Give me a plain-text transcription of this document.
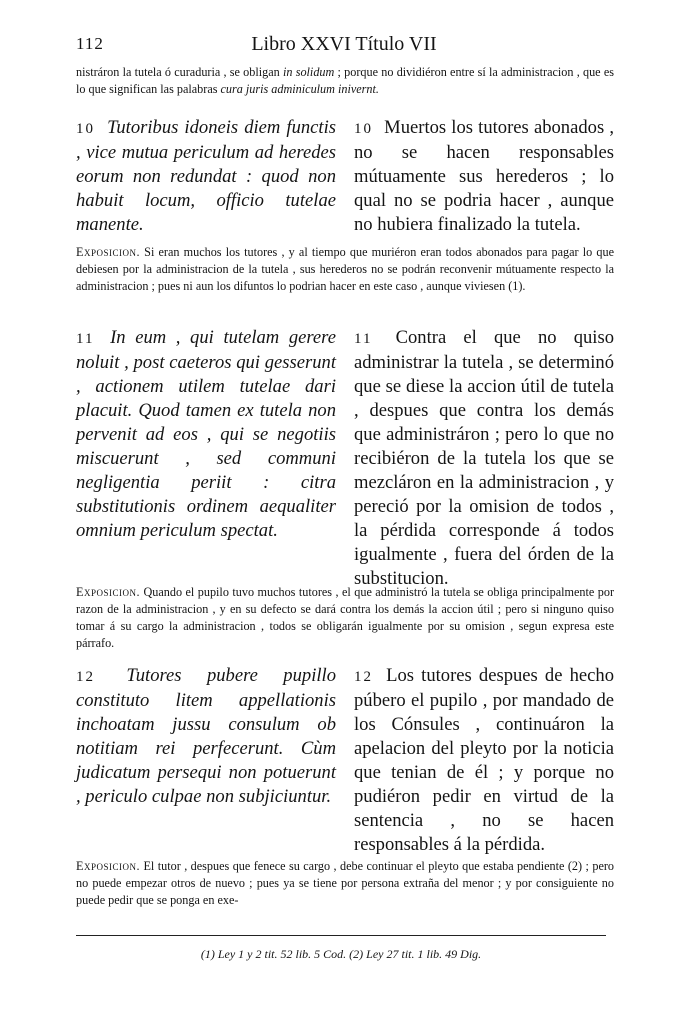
112	Libro XXVI Título VII
nistráron la tutela ó curaduria , se obligan in solidum ; porque no dividiéron entre sí la administracion , que es lo que significan las palabras cura juris adminiculum inivernt.
10 Tutoribus idoneis diem functis , vice mutua periculum ad heredes eorum non redundat : quod non habuit locum, officio tutelae manente.
10 Muertos los tutores abonados , no se hacen responsables mútuamente sus herederos ; lo qual no se podria hacer , aunque no hubiera finalizado la tutela.
Exposicion. Si eran muchos los tutores , y al tiempo que muriéron eran todos abonados para pagar lo que debiesen por la administracion de la tutela , sus herederos no se podrán reconvenir mútuamente respecto la administracion ; pues ni aun los difuntos lo podrian hacer en este caso , aunque viviesen (1).
11 In eum , qui tutelam gerere noluit , post caeteros qui gesserunt , actionem utilem tutelae dari placuit. Quod tamen ex tutela non pervenit ad eos , qui se negotiis miscuerunt , sed communi negligentia periit : citra substitutionis ordinem aequaliter omnium periculum spectat.
11 Contra el que no quiso administrar la tutela , se determinó que se diese la accion útil de tutela , despues que contra los demás que administráron ; pero lo que no recibiéron de la tutela los que se mezcláron en la administracion , y pereció por la omision de todos , la pérdida corresponde á todos igualmente , fuera del órden de la substitucion.
Exposicion. Quando el pupilo tuvo muchos tutores , el que administró la tutela se obliga principalmente por razon de la administracion , y en su defecto se dará contra los demás la accion útil ; pero si ninguno quiso tomar á su cargo la administracion , todos se obligarán igualmente por su omision , segun expresa este párrafo.
12 Tutores pubere pupillo constituto litem appellationis inchoatam jussu consulum ob notitiam rei perfecerunt. Cùm judicatum persequi non potuerunt , periculo culpae non subjiciuntur.
12 Los tutores despues de hecho púbero el pupilo , por mandado de los Cónsules , continuáron la apelacion del pleyto por la noticia que tenian de él ; y porque no pudiéron pedir en virtud de la sentencia , no se hacen responsables á la pérdida.
Exposicion. El tutor , despues que fenece su cargo , debe continuar el pleyto que estaba pendiente (2) ; pero no puede empezar otros de nuevo ; pues ya se tiene por persona extraña del menor ; y por consiguiente no puede pedir que se ponga en exe-
(1) Ley 1 y 2 tit. 52 lib. 5 Cod. (2) Ley 27 tit. 1 lib. 49 Dig.
